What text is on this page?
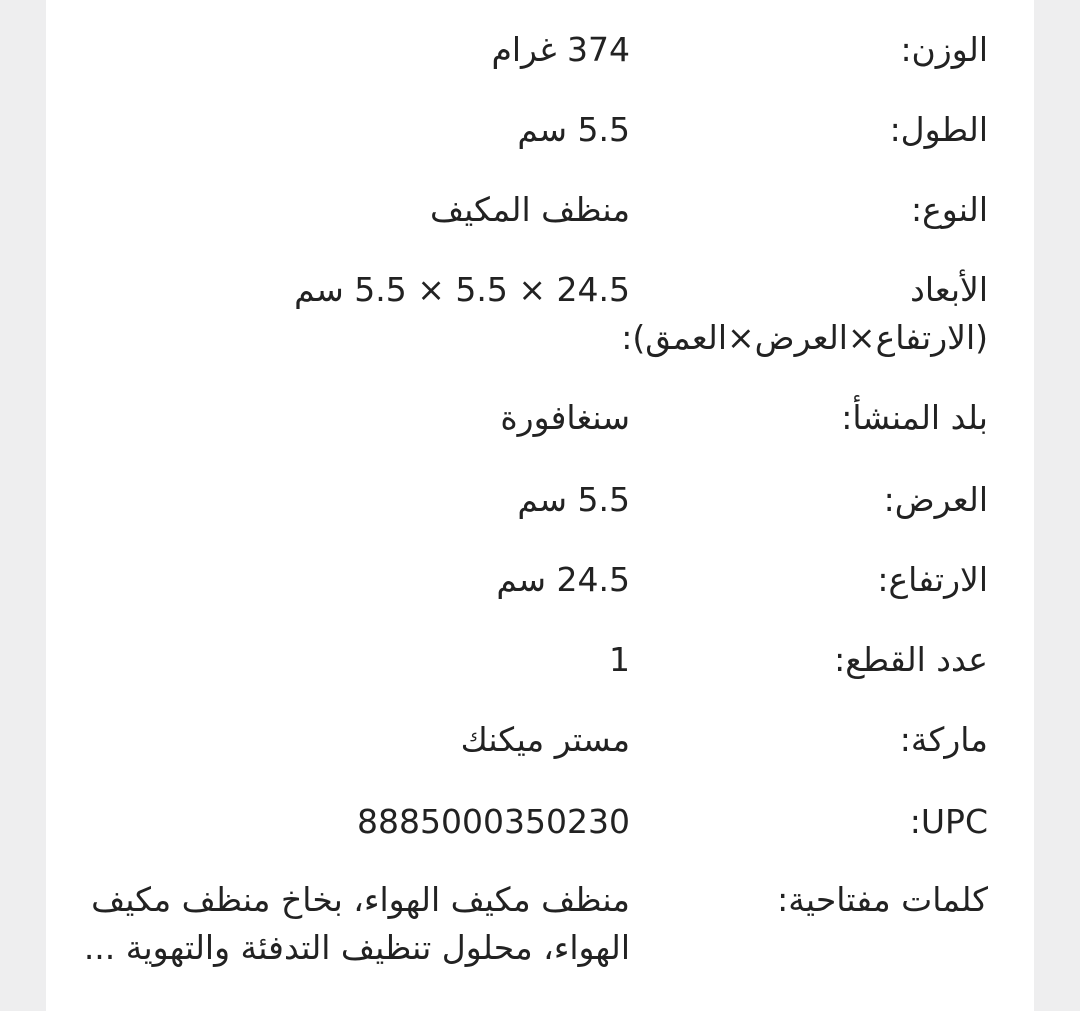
الوزن:
374 غرام
الطول:
5.5 سم
النوع:
منظف المكيف
الأبعاد (الارتفاع×العرض×العمق):
24.5 × 5.5 × 5.5 سم
بلد المنشأ:
سنغافورة
العرض:
5.5 سم
الارتفاع:
24.5 سم
عدد القطع:
1
ماركة:
مستر ميكنك
UPC:
8885000350230
كلمات مفتاحية:
منظف مكيف الهواء، بخاخ منظف مكيف الهواء، محلول تنظيف التدفئة والتهوية ...
